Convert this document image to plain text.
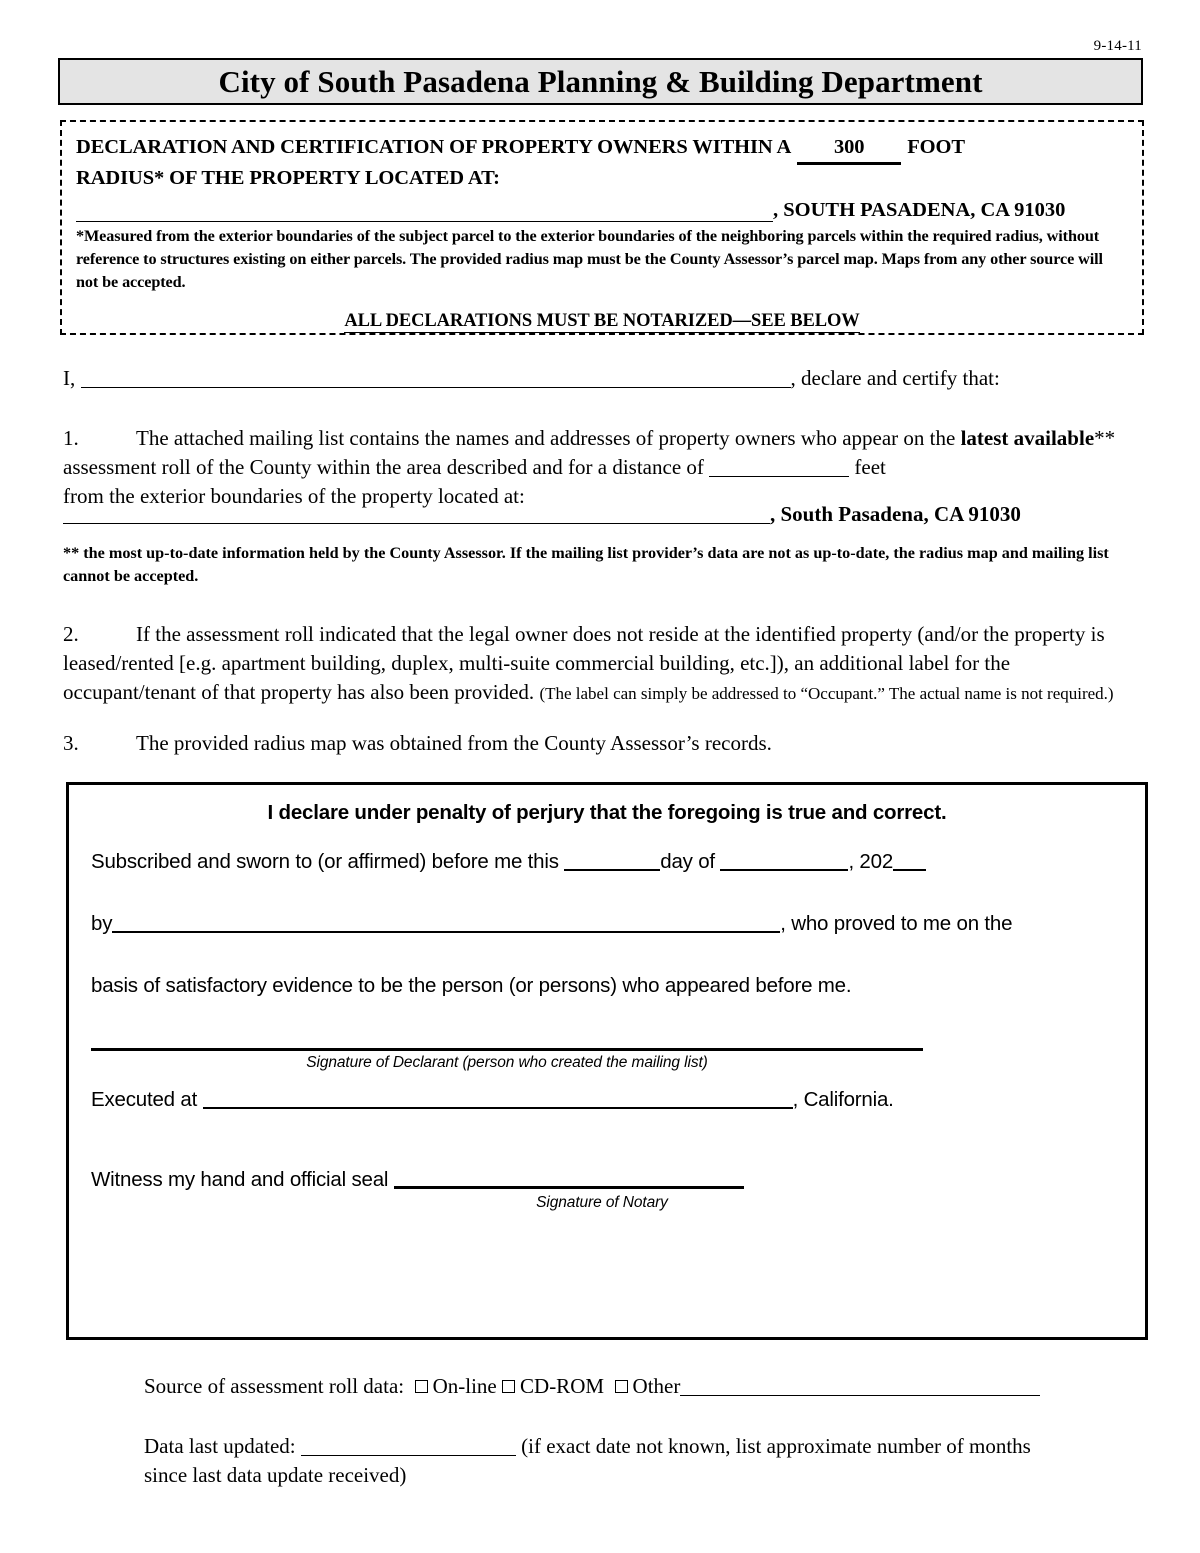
9-14-11
City of South Pasadena Planning & Building Department
DECLARATION AND CERTIFICATION OF PROPERTY OWNERS WITHIN A 300 FOOT
RADIUS* OF THE PROPERTY LOCATED AT:
, SOUTH PASADENA, CA 91030
*Measured from the exterior boundaries of the subject parcel to the exterior boundaries of the neighboring parcels within the required radius, without reference to structures existing on either parcels. The provided radius map must be the County Assessor’s parcel map. Maps from any other source will not be accepted.
ALL DECLARATIONS MUST BE NOTARIZED—SEE BELOW
I,	, declare and certify that:
1.	The attached mailing list contains the names and addresses of property owners who appear on the latest available** assessment roll of the County within the area described and for a distance of	feet
from the exterior boundaries of the property located at:
, South Pasadena, CA 91030
** the most up-to-date information held by the County Assessor. If the mailing list provider’s data are not as up-to-date, the radius map and mailing list cannot be accepted.
2.	If the assessment roll indicated that the legal owner does not reside at the identified property (and/or the property is leased/rented [e.g. apartment building, duplex, multi-suite commercial building, etc.]), an additional label for the occupant/tenant of that property has also been provided. (The label can simply be addressed to “Occupant.” The actual name is not required.)
3.	The provided radius map was obtained from the County Assessor’s records.
I declare under penalty of perjury that the foregoing is true and correct.
Subscribed and sworn to (or affirmed) before me this	day of	, 202
by	, who proved to me on the
basis of satisfactory evidence to be the person (or persons) who appeared before me.
Signature of Declarant (person who created the mailing list)
Executed at	, California.
Witness my hand and official seal
Signature of Notary
Source of assessment roll data: On-line CD-ROM Other
Data last updated:	(if exact date not known, list approximate number of months
since last data update received)
